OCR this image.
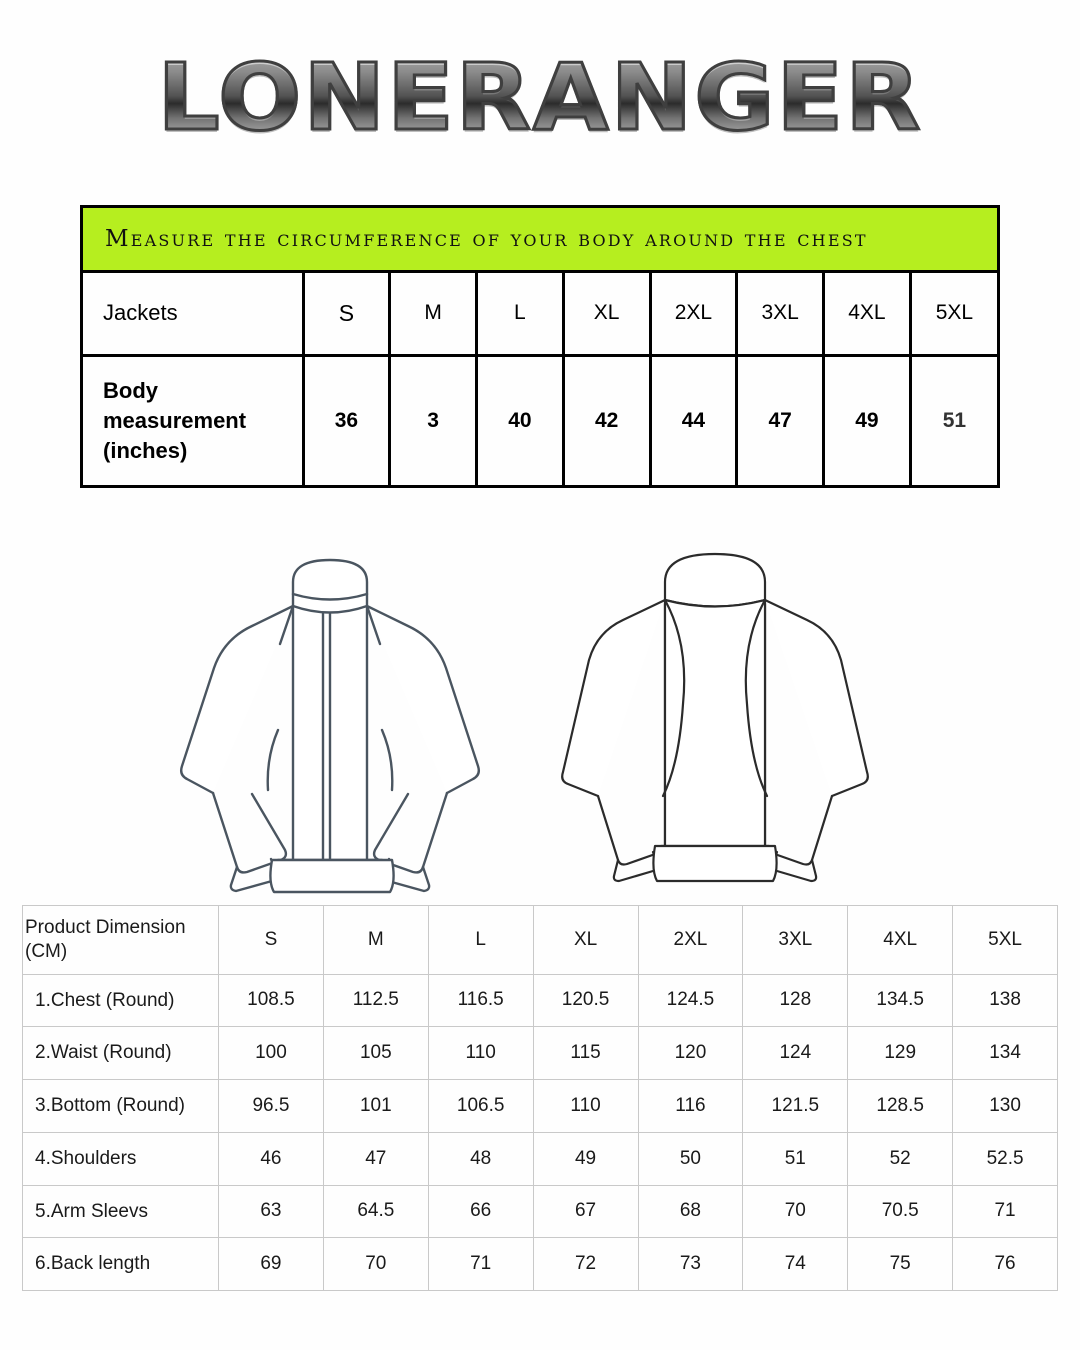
LONERANGER
Measure the circumference of your body around the chest
Jackets	S	M	L	XL	2XL	3XL	4XL	5XL
Body measurement (inches)	36	3	40	42	44	47	49	51
Product Dimension (CM)	S	M	L	XL	2XL	3XL	4XL	5XL
1.Chest (Round)	108.5	112.5	116.5	120.5	124.5	128	134.5	138
2.Waist (Round)	100	105	110	115	120	124	129	134
3.Bottom (Round)	96.5	101	106.5	110	116	121.5	128.5	130
4.Shoulders	46	47	48	49	50	51	52	52.5
5.Arm Sleevs	63	64.5	66	67	68	70	70.5	71
6.Back length	69	70	71	72	73	74	75	76
